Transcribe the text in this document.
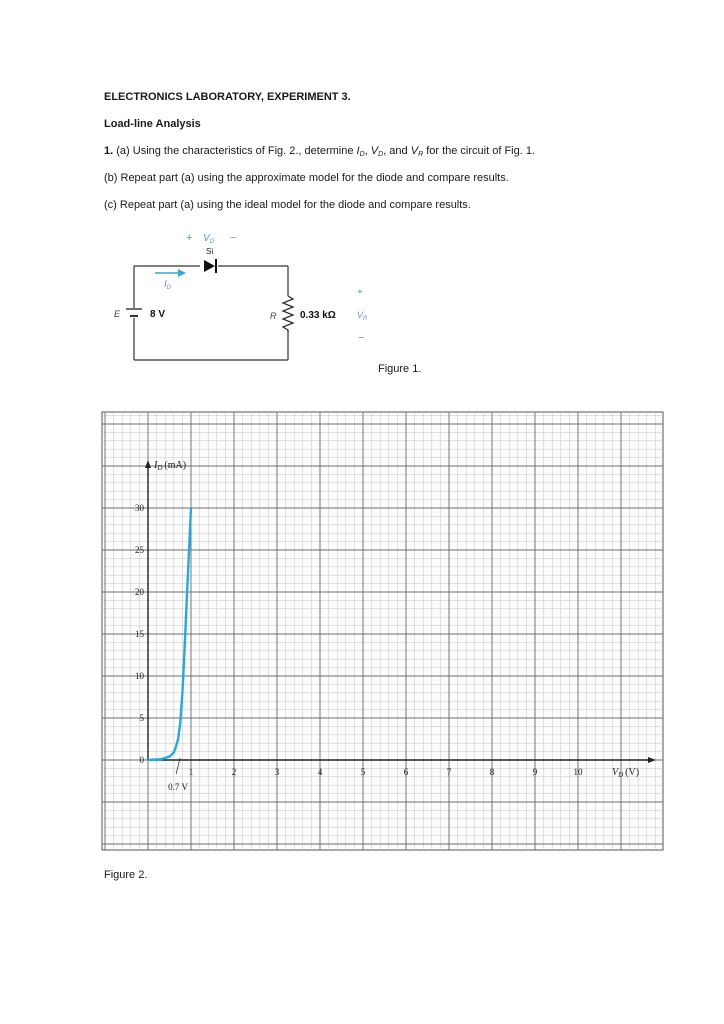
ELECTRONICS LABORATORY, EXPERIMENT 3.
Load-line Analysis
1. (a) Using the characteristics of Fig. 2., determine $I_D$, $V_D$, and $V_R$ for the circuit of Fig. 1.
(b) Repeat part (a) using the approximate model for the diode and compare results.
(c) Repeat part (a) using the ideal model for the diode and compare results.
+ $V_D$ −
Si
$I_D$
E	8 V	R 0.33 kΩ
+
$V_R$
−
Figure 1.
1	2	3	4	5	6	7	8	9	10
0
5
10
15
20
25
30
$I_D$ (mA)
$V_D$ (V)
0.7 V
Figure 2.
